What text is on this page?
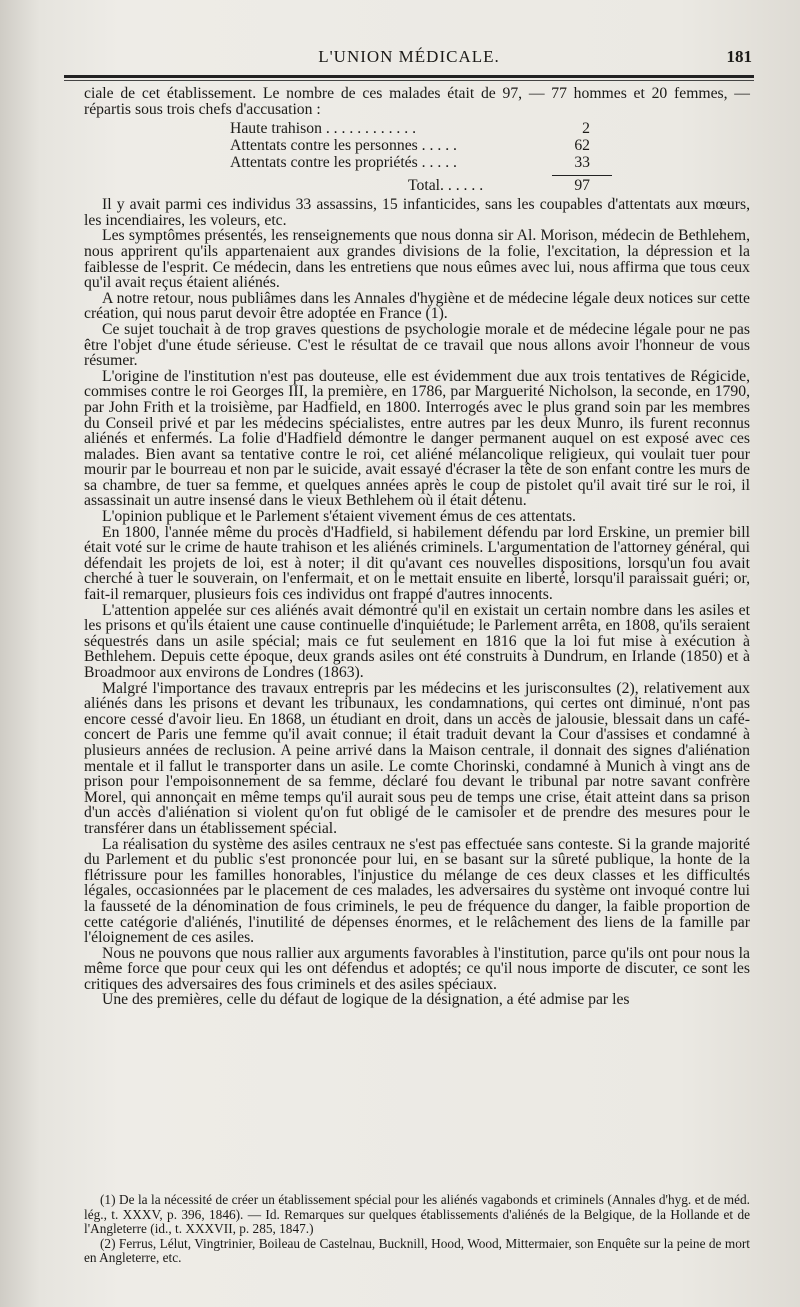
L'UNION MÉDICALE.	181

ciale de cet établissement. Le nombre de ces malades était de 97, — 77 hommes et 20 femmes, — répartis sous trois chefs d'accusation :

Haute trahison . . . . . . . . . . . .	2
Attentats contre les personnes . . . . .	62
Attentats contre les propriétés . . . . .	33
Total. . . . . .	97

Il y avait parmi ces individus 33 assassins, 15 infanticides, sans les coupables d'attentats aux mœurs, les incendiaires, les voleurs, etc.

Les symptômes présentés, les renseignements que nous donna sir Al. Morison, médecin de Bethlehem, nous apprirent qu'ils appartenaient aux grandes divisions de la folie, l'excitation, la dépression et la faiblesse de l'esprit. Ce médecin, dans les entretiens que nous eûmes avec lui, nous affirma que tous ceux qu'il avait reçus étaient aliénés.

A notre retour, nous publiâmes dans les Annales d'hygiène et de médecine légale deux notices sur cette création, qui nous parut devoir être adoptée en France (1).

Ce sujet touchait à de trop graves questions de psychologie morale et de médecine légale pour ne pas être l'objet d'une étude sérieuse. C'est le résultat de ce travail que nous allons avoir l'honneur de vous résumer.

L'origine de l'institution n'est pas douteuse, elle est évidemment due aux trois tentatives de Régicide, commises contre le roi Georges III, la première, en 1786, par Marguerité Nicholson, la seconde, en 1790, par John Frith et la troisième, par Hadfield, en 1800. Interrogés avec le plus grand soin par les membres du Conseil privé et par les médecins spécialistes, entre autres par les deux Munro, ils furent reconnus aliénés et enfermés. La folie d'Hadfield démontre le danger permanent auquel on est exposé avec ces malades. Bien avant sa tentative contre le roi, cet aliéné mélancolique religieux, qui voulait tuer pour mourir par le bourreau et non par le suicide, avait essayé d'écraser la tête de son enfant contre les murs de sa chambre, de tuer sa femme, et quelques années après le coup de pistolet qu'il avait tiré sur le roi, il assassinait un autre insensé dans le vieux Bethlehem où il était détenu.

L'opinion publique et le Parlement s'étaient vivement émus de ces attentats.

En 1800, l'année même du procès d'Hadfield, si habilement défendu par lord Erskine, un premier bill était voté sur le crime de haute trahison et les aliénés criminels. L'argumentation de l'attorney général, qui défendait les projets de loi, est à noter; il dit qu'avant ces nouvelles dispositions, lorsqu'un fou avait cherché à tuer le souverain, on l'enfermait, et on le mettait ensuite en liberté, lorsqu'il paraissait guéri; or, fait-il remarquer, plusieurs fois ces individus ont frappé d'autres innocents.

L'attention appelée sur ces aliénés avait démontré qu'il en existait un certain nombre dans les asiles et les prisons et qu'ils étaient une cause continuelle d'inquiétude; le Parlement arrêta, en 1808, qu'ils seraient séquestrés dans un asile spécial; mais ce fut seulement en 1816 que la loi fut mise à exécution à Bethlehem. Depuis cette époque, deux grands asiles ont été construits à Dundrum, en Irlande (1850) et à Broadmoor aux environs de Londres (1863).

Malgré l'importance des travaux entrepris par les médecins et les jurisconsultes (2), relativement aux aliénés dans les prisons et devant les tribunaux, les condamnations, qui certes ont diminué, n'ont pas encore cessé d'avoir lieu. En 1868, un étudiant en droit, dans un accès de jalousie, blessait dans un café-concert de Paris une femme qu'il avait connue; il était traduit devant la Cour d'assises et condamné à plusieurs années de reclusion. A peine arrivé dans la Maison centrale, il donnait des signes d'aliénation mentale et il fallut le transporter dans un asile. Le comte Chorinski, condamné à Munich à vingt ans de prison pour l'empoisonnement de sa femme, déclaré fou devant le tribunal par notre savant confrère Morel, qui annonçait en même temps qu'il aurait sous peu de temps une crise, était atteint dans sa prison d'un accès d'aliénation si violent qu'on fut obligé de le camisoler et de prendre des mesures pour le transférer dans un établissement spécial.

La réalisation du système des asiles centraux ne s'est pas effectuée sans conteste. Si la grande majorité du Parlement et du public s'est prononcée pour lui, en se basant sur la sûreté publique, la honte de la flétrissure pour les familles honorables, l'injustice du mélange de ces deux classes et les difficultés légales, occasionnées par le placement de ces malades, les adversaires du système ont invoqué contre lui la fausseté de la dénomination de fous criminels, le peu de fréquence du danger, la faible proportion de cette catégorie d'aliénés, l'inutilité de dépenses énormes, et le relâchement des liens de la famille par l'éloignement de ces asiles.

Nous ne pouvons que nous rallier aux arguments favorables à l'institution, parce qu'ils ont pour nous la même force que pour ceux qui les ont défendus et adoptés; ce qu'il nous importe de discuter, ce sont les critiques des adversaires des fous criminels et des asiles spéciaux.

Une des premières, celle du défaut de logique de la désignation, a été admise par les

(1) De la la nécessité de créer un établissement spécial pour les aliénés vagabonds et criminels (Annales d'hyg. et de méd. lég., t. XXXV, p. 396, 1846). — Id. Remarques sur quelques établissements d'aliénés de la Belgique, de la Hollande et de l'Angleterre (id., t. XXXVII, p. 285, 1847.)

(2) Ferrus, Lélut, Vingtrinier, Boileau de Castelnau, Bucknill, Hood, Wood, Mittermaier, son Enquête sur la peine de mort en Angleterre, etc.
